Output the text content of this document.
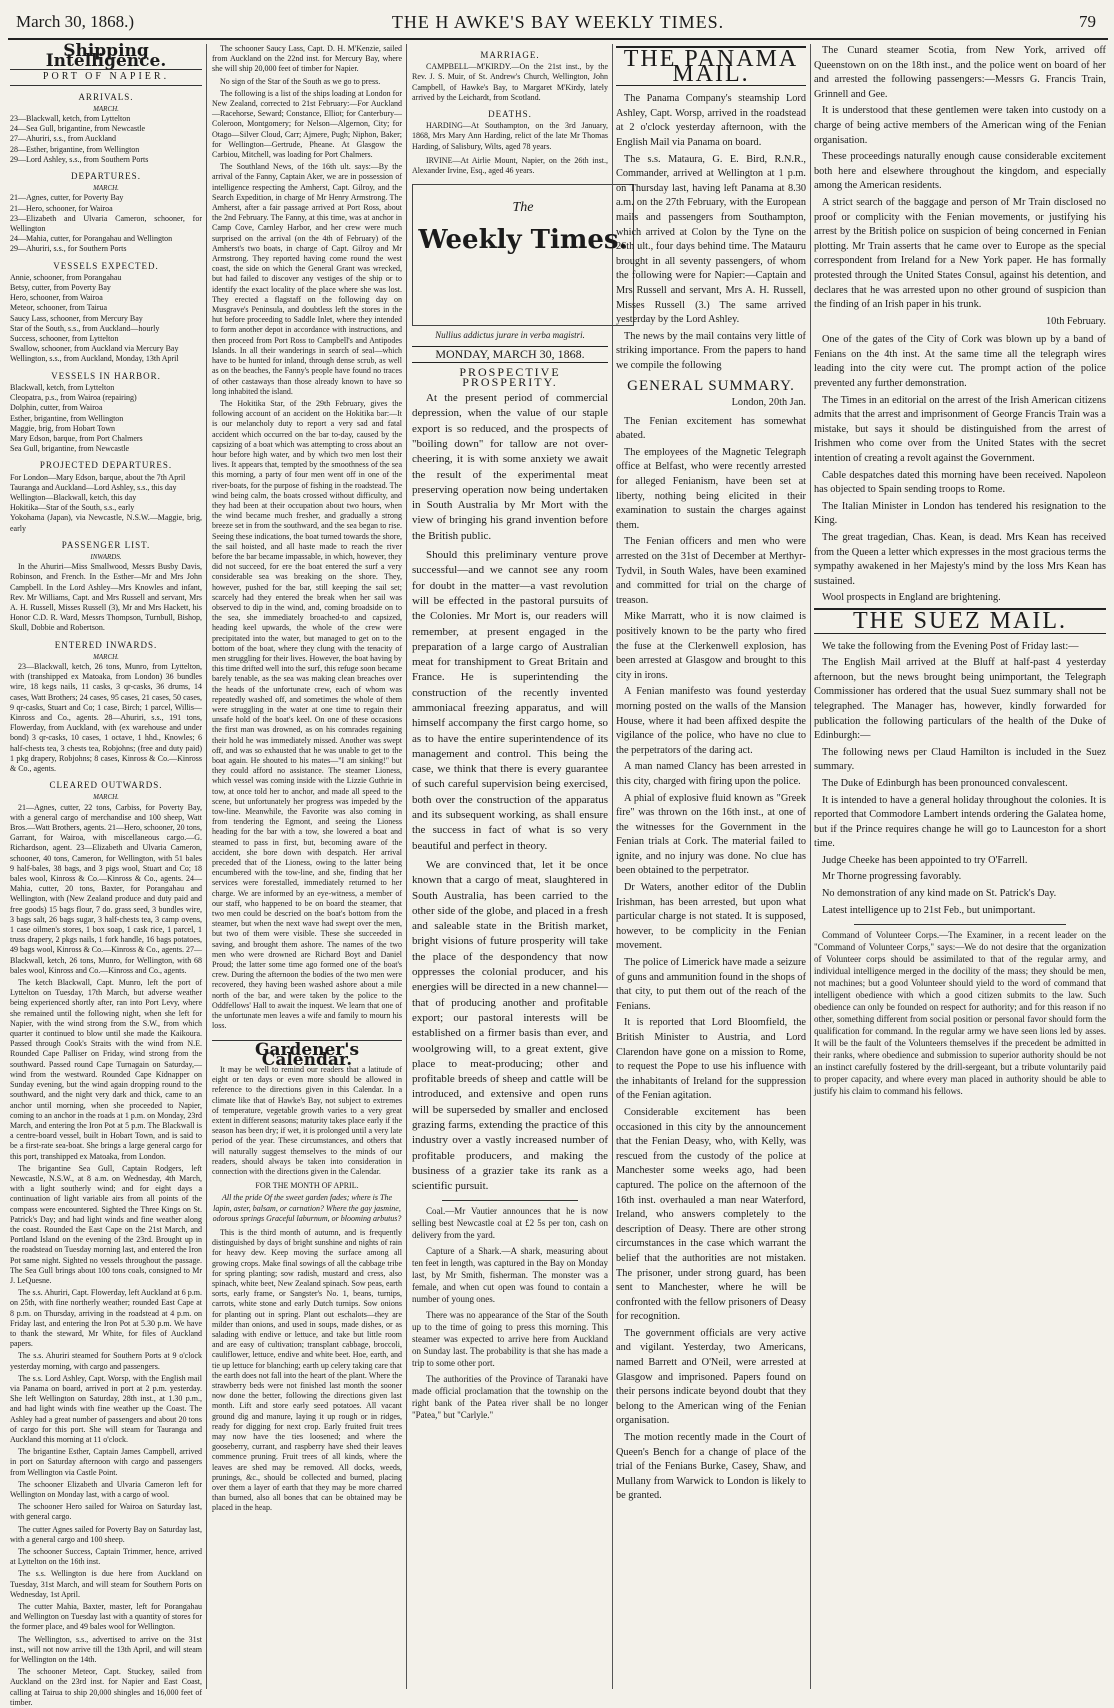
March 30, 1868.)	THE H AWKE'S BAY WEEKLY TIMES.	79
Shipping Intelligence.
PORT OF NAPIER.
ARRIVALS.
MARCH.
23—Blackwall, ketch, from Lyttelton
24—Sea Gull, brigantine, from Newcastle
27—Ahuriri, s.s., from Auckland
28—Esther, brigantine, from Wellington
29—Lord Ashley, s.s., from Southern Ports
DEPARTURES.
MARCH.
21—Agnes, cutter, for Poverty Bay
21—Hero, schooner, for Wairoa
23—Elizabeth and Ulvaria Cameron, schooner, for Wellington
24—Mahia, cutter, for Porangahau and Wellington
29—Ahuriri, s.s., for Southern Ports
VESSELS EXPECTED.
Annie, schooner, from Porangahau
Betsy, cutter, from Poverty Bay
Hero, schooner, from Wairoa
Meteor, schooner, from Tairua
Saucy Lass, schooner, from Mercury Bay
Star of the South, s.s., from Auckland—hourly
Success, schooner, from Lyttelton
Swallow, schooner, from Auckland via Mercury Bay
Wellington, s.s., from Auckland, Monday, 13th April
VESSELS IN HARBOR.
Blackwall, ketch, from Lyttelton
Cleopatra, p.s., from Wairoa (repairing)
Dolphin, cutter, from Wairoa
Esther, brigantine, from Wellington
Maggie, brig, from Hobart Town
Mary Edson, barque, from Port Chalmers
Sea Gull, brigantine, from Newcastle
PROJECTED DEPARTURES.
For London—Mary Edson, barque, about the 7th April
Tauranga and Auckland—Lord Ashley, s.s., this day
Wellington—Blackwall, ketch, this day
Hokitika—Star of the South, s.s., early
Yokohama (Japan), via Newcastle, N.S.W.—Maggie, brig, early
PASSENGER LIST.
INWARDS.

In the Ahuriri—Miss Smallwood, Messrs Busby Davis, Robinson, and French. In the Esther—Mr and Mrs John Campbell. In the Lord Ashley—Mrs Knowles and infant, Rev. Mr Williams, Capt. and Mrs Russell and servant, Mrs A. H. Russell, Misses Russell (3), Mr and Mrs Hackett, his Honor C.D. R. Ward, Messrs Thompson, Turnbull, Bishop, Skull, Dobbie and Robertson.

ENTERED INWARDS.
MARCH.

23—Blackwall, ketch, 26 tons, Munro, from Lyttelton, with (transhipped ex Matoaka, from London) 36 bundles wire, 18 kegs nails, 11 casks, 3 qr-casks, 36 drums, 14 cases, Watt Brothers; 24 cases, 95 cases, 21 cases, 50 cases, 9 qr-casks, Stuart and Co; 1 case, Birch; 1 parcel, Willis—Kinross and Co., agents. 28—Ahuriri, s.s., 191 tons, Flowerday, from Auckland, with (ex warehouse and under bond) 3 qr-casks, 10 cases, 1 octave, 1 hhd., Knowles; 6 half-chests tea, 3 chests tea, Robjohns; (free and duty paid) 1 pkg drapery, Robjohns; 8 cases, Kinross & Co.—Kinross & Co., agents.

CLEARED OUTWARDS.
MARCH.

21—Agnes, cutter, 22 tons, Carbiss, for Poverty Bay, with a general cargo of merchandise and 100 sheep, Watt Bros.—Watt Brothers, agents. 21—Hero, schooner, 20 tons, Garrant, for Wairoa, with miscellaneous cargo.—G. Richardson, agent. 23—Elizabeth and Ulvaria Cameron, schooner, 40 tons, Cameron, for Wellington, with 51 bales 9 half-bales, 38 bags, and 3 pigs wool, Stuart and Co; 18 bales wool, Kinross & Co.—Kinross & Co., agents. 24—Mahia, cutter, 20 tons, Baxter, for Porangahau and Wellington, with (New Zealand produce and duty paid and free goods) 15 bags flour, 7 do. grass seed, 3 bundles wire, 3 bags salt, 26 bags sugar, 3 half-chests tea, 3 camp ovens, 1 case oilmen's stores, 1 box soap, 1 cask rice, 1 parcel, 1 truss drapery, 2 pkgs nails, 1 fork handle, 16 bags potatoes, 49 bags wool, Kinross & Co.—Kinross & Co., agents. 27—Blackwall, ketch, 26 tons, Munro, for Wellington, with 68 bales wool, Kinross and Co.—Kinross and Co., agents.

The ketch Blackwall, Capt. Munro, left the port of Lyttelton on Tuesday, 17th March, but adverse weather being experienced shortly after, ran into Port Levy, where she remained until the following night, when she left for Napier, with the wind strong from the S.W., from which quarter it continued to blow until she made the Kaikoura. Passed through Cook's Straits with the wind from N.E. Rounded Cape Palliser on Friday, wind strong from the southward. Passed round Cape Turnagain on Saturday,—wind from the westward. Rounded Cape Kidnapper on Sunday evening, but the wind again dropping round to the southward, and the night very dark and thick, came to an anchor until morning, when she proceeded to Napier, coming to an anchor in the roads at 1 p.m. on Monday, 23rd March, and entering the Iron Pot at 5 p.m. The Blackwall is a centre-board vessel, built in Hobart Town, and is said to be a first-rate sea-boat. She brings a large general cargo for this port, transhipped ex Matoaka, from London.

The brigantine Sea Gull, Captain Rodgers, left Newcastle, N.S.W., at 8 a.m. on Wednesday, 4th March, with a light southerly wind; and for eight days a continuation of light variable airs from all points of the compass were encountered. Sighted the Three Kings on St. Patrick's Day; and had light winds and fine weather along the coast. Rounded the East Cape on the 21st March, and Portland Island on the evening of the 23rd. Brought up in the roadstead on Tuesday morning last, and entered the Iron Pot same night. Sighted no vessels throughout the passage. The Sea Gull brings about 100 tons coals, consigned to Mr J. LeQuesne.

The s.s. Ahuriri, Capt. Flowerday, left Auckland at 6 p.m. on 25th, with fine northerly weather; rounded East Cape at 8 p.m. on Thursday, arriving in the roadstead at 4 p.m. on Friday last, and entering the Iron Pot at 5.30 p.m. We have to thank the steward, Mr White, for files of Auckland papers.

The s.s. Ahuriri steamed for Southern Ports at 9 o'clock yesterday morning, with cargo and passengers.

The s.s. Lord Ashley, Capt. Worsp, with the English mail via Panama on board, arrived in port at 2 p.m. yesterday. She left Wellington on Saturday, 28th inst., at 1.30 p.m., and had light winds with fine weather up the Coast. The Ashley had a great number of passengers and about 20 tons of cargo for this port. She will steam for Tauranga and Auckland this morning at 11 o'clock.

The brigantine Esther, Captain James Campbell, arrived in port on Saturday afternoon with cargo and passengers from Wellington via Castle Point.

The schooner Elizabeth and Ulvaria Cameron left for Wellington on Monday last, with a cargo of wool.

The schooner Hero sailed for Wairoa on Saturday last, with general cargo.

The cutter Agnes sailed for Poverty Bay on Saturday last, with a general cargo and 100 sheep.

The schooner Success, Captain Trimmer, hence, arrived at Lyttelton on the 16th inst.

The s.s. Wellington is due here from Auckland on Tuesday, 31st March, and will steam for Southern Ports on Wednesday, 1st April.

The cutter Mahia, Baxter, master, left for Porangahau and Wellington on Tuesday last with a quantity of stores for the former place, and 49 bales wool for Wellington.

The Wellington, s.s., advertised to arrive on the 31st inst., will not now arrive till the 13th April, and will steam for Wellington on the 14th.

The schooner Meteor, Capt. Stuckey, sailed from Auckland on the 23rd inst. for Napier and East Coast, calling at Tairua to ship 20,000 shingles and 16,000 feet of timber.

The schooner Saucy Lass, Capt. D. H. M'Kenzie, sailed from Auckland on the 22nd inst. for Mercury Bay, where she will ship 20,000 feet of timber for Napier.

No sign of the Star of the South as we go to press.

The following is a list of the ships loading at London for New Zealand, corrected to 21st February:—For Auckland—Racehorse, Seward; Constance, Elliot; for Canterbury—Coleroon, Montgomery; for Nelson—Algernon, City; for Otago—Silver Cloud, Carr; Ajmere, Pugh; Niphon, Baker; for Wellington—Gertrude, Pheane. At Glasgow the Carbiou, Mitchell, was loading for Port Chalmers.

The Southland News, of the 16th ult. says:—By the arrival of the Fanny, Captain Aker, we are in possession of intelligence respecting the Amherst, Capt. Gilroy, and the Search Expedition, in charge of Mr Henry Armstrong. The Amherst, after a fair passage arrived at Port Ross, about the 2nd February. The Fanny, at this time, was at anchor in Camp Cove, Carnley Harbor, and her crew were much surprised on the arrival (on the 4th of February) of the Amherst's two boats, in charge of Capt. Gilroy and Mr Armstrong. They reported having come round the west coast, the side on which the General Grant was wrecked, but had failed to discover any vestiges of the ship or to identify the exact locality of the place where she was lost. They erected a flagstaff on the following day on Musgrave's Peninsula, and doubtless left the stores in the hut before proceeding to Saddle Inlet, where they intended to form another depot in accordance with instructions, and then proceed from Port Ross to Campbell's and Antipodes Islands. In all their wanderings in search of seal—which have to be hunted for inland, through dense scrub, as well as on the beaches, the Fanny's people have found no traces of other castaways than those already known to have so long inhabited the island.

The Hokitika Star, of the 29th February, gives the following account of an accident on the Hokitika bar:—It is our melancholy duty to report a very sad and fatal accident which occurred on the bar to-day, caused by the capsizing of a boat which was attempting to cross about an hour before high water, and by which two men lost their lives. It appears that, tempted by the smoothness of the sea this morning, a party of four men went off in one of the river-boats, for the purpose of fishing in the roadstead. The wind being calm, the boats crossed without difficulty, and they had been at their occupation about two hours, when the wind became much fresher, and gradually a strong breeze set in from the southward, and the sea began to rise. Seeing these indications, the boat turned towards the shore, the sail hoisted, and all haste made to reach the river before the bar became impassable, in which, however, they did not succeed, for ere the boat entered the surf a very considerable sea was breaking on the shore. They, however, pushed for the bar, still keeping the sail set; scarcely had they entered the break when her sail was observed to dip in the wind, and, coming broadside on to the sea, she immediately broached-to and capsized, heading keel upwards, the whole of the crew were precipitated into the water, but managed to get on to the bottom of the boat, where they clung with the tenacity of men struggling for their lives. However, the boat having by this time drifted well into the surf, this refuge soon became barely tenable, as the sea was making clean breaches over the heads of the unfortunate crew, each of whom was repeatedly washed off, and sometimes the whole of them were struggling in the water at one time to regain their unsafe hold of the boat's keel. On one of these occasions the first man was drowned, as on his comrades regaining their hold he was immediately missed. Another was swept off, and was so exhausted that he was unable to get to the boat again. He shouted to his mates—"I am sinking!" but they could afford no assistance. The steamer Lioness, which vessel was coming inside with the Lizzie Guthrie in tow, at once told her to anchor, and made all speed to the scene, but unfortunately her progress was impeded by the tow-line. Meanwhile, the Favorite was also coming in from tendering the Egmont, and seeing the Lioness heading for the bar with a tow, she lowered a boat and steamed to pass in first, but, becoming aware of the accident, she bore down with despatch. Her arrival preceded that of the Lioness, owing to the latter being encumbered with the tow-line, and she, finding that her services were forestalled, immediately returned to her charge. We are informed by an eye-witness, a member of our staff, who happened to be on board the steamer, that two men could be descried on the boat's bottom from the steamer, but when the next wave had swept over the men, but two of them were visible. These she succeeded in saving, and brought them ashore. The names of the two men who were drowned are Richard Boyt and Daniel Proud; the latter some time ago formed one of the boat's crew. During the afternoon the bodies of the two men were recovered, they having been washed ashore about a mile north of the bar, and were taken by the police to the Oddfellows' Hall to await the inquest. We learn that one of the unfortunate men leaves a wife and family to mourn his loss.

Gardener's Calendar.

It may be well to remind our readers that a latitude of eight or ten days or even more should be allowed in reference to the directions given in this Calendar. In a climate like that of Hawke's Bay, not subject to extremes of temperature, vegetable growth varies to a very great extent in different seasons; maturity takes place early if the season has been dry; if wet, it is prolonged until a very late period of the year. These circumstances, and others that will naturally suggest themselves to the minds of our readers, should always be taken into consideration in connection with the directions given in the Calendar.

FOR THE MONTH OF APRIL.
All the pride Of the sweet garden fades; where is The lapin, aster, balsam, or carnation? Where the gay jasmine, odorous springs Graceful laburnum, or blooming arbutus?

This is the third month of autumn, and is frequently distinguished by days of bright sunshine and nights of rain for heavy dew. Keep moving the surface among all growing crops. Make final sowings of all the cabbage tribe for spring planting; sow radish, mustard and cress, also spinach, white beet, New Zealand spinach. Sow peas, earth sorts, early frame, or Sangster's No. 1, beans, turnips, carrots, white stone and early Dutch turnips. Sow onions for planting out in spring. Plant out eschalots—they are milder than onions, and used in soups, made dishes, or as salading with endive or lettuce, and take but little room and are easy of cultivation; transplant cabbage, broccoli, cauliflower, lettuce, endive and white beet. Hoe, earth, and tie up lettuce for blanching; earth up celery taking care that the earth does not fall into the heart of the plant. Where the strawberry beds were not finished last month the sooner now done the better, following the directions given last month. Lift and store early seed potatoes. All vacant ground dig and manure, laying it up rough or in ridges, ready for digging for next crop. Early fruited fruit trees may now have the ties loosened; and where the gooseberry, currant, and raspberry have shed their leaves commence pruning. Fruit trees of all kinds, where the leaves are shed may be removed. All docks, weeds, prunings, &c., should be collected and burned, placing over them a layer of earth that they may be more charred than burned, also all bones that can be obtained may be placed in the heap.

MARRIAGE.

CAMPBELL—M'KIRDY.—On the 21st inst., by the Rev. J. S. Muir, of St. Andrew's Church, Wellington, John Campbell, of Hawke's Bay, to Margaret M'Kirdy, lately arrived by the Leichardt, from Scotland.

DEATHS.

HARDING—At Southampton, on the 3rd January, 1868, Mrs Mary Ann Harding, relict of the late Mr Thomas Harding, of Salisbury, Wilts, aged 78 years.

IRVINE—At Airlie Mount, Napier, on the 26th inst., Alexander Irvine, Esq., aged 46 years.

The
Weekly Times.
Nullius addictus jurare in verba magistri.
MONDAY, MARCH 30, 1868.
PROSPECTIVE PROSPERITY.

At the present period of commercial depression, when the value of our staple export is so reduced, and the prospects of "boiling down" for tallow are not over-cheering, it is with some anxiety we await the result of the experimental meat preserving operation now being undertaken in South Australia by Mr Mort with the view of bringing his grand invention before the British public.

Should this preliminary venture prove successful—and we cannot see any room for doubt in the matter—a vast revolution will be effected in the pastoral pursuits of the Colonies. Mr Mort is, our readers will remember, at present engaged in the preparation of a large cargo of Australian meat for transhipment to Great Britain and France. He is superintending the construction of the recently invented ammoniacal freezing apparatus, and will himself accompany the first cargo home, so as to have the entire superintendence of its management and control. This being the case, we think that there is every guarantee of such careful supervision being exercised, both over the construction of the apparatus and its subsequent working, as shall ensure the success in fact of what is so very beautiful and perfect in theory.

We are convinced that, let it be once known that a cargo of meat, slaughtered in South Australia, has been carried to the other side of the globe, and placed in a fresh and saleable state in the British market, bright visions of future prosperity will take the place of the despondency that now oppresses the colonial producer, and his energies will be directed in a new channel—that of producing another and profitable export; our pastoral interests will be established on a firmer basis than ever, and woolgrowing will, to a great extent, give place to meat-producing; other and profitable breeds of sheep and cattle will be introduced, and extensive and open runs will be superseded by smaller and enclosed grazing farms, extending the practice of this industry over a vastly increased number of profitable producers, and making the business of a grazier take its rank as a scientific pursuit.

Coal.—Mr Vautier announces that he is now selling best Newcastle coal at £2 5s per ton, cash on delivery from the yard.

Capture of a Shark.—A shark, measuring about ten feet in length, was captured in the Bay on Monday last, by Mr Smith, fisherman. The monster was a female, and when cut open was found to contain a number of young ones.

There was no appearance of the Star of the South up to the time of going to press this morning. This steamer was expected to arrive here from Auckland on Sunday last. The probability is that she has made a trip to some other port.

The authorities of the Province of Taranaki have made official proclamation that the township on the right bank of the Patea river shall be no longer "Patea," but "Carlyle."

THE PANAMA MAIL.

The Panama Company's steamship Lord Ashley, Capt. Worsp, arrived in the roadstead at 2 o'clock yesterday afternoon, with the English Mail via Panama on board.

The s.s. Mataura, G. E. Bird, R.N.R., Commander, arrived at Wellington at 1 p.m. on Thursday last, having left Panama at 8.30 a.m. on the 27th February, with the European mails and passengers from Southampton, which arrived at Colon by the Tyne on the 26th ult., four days behind time. The Matauru brought in all seventy passengers, of whom the following were for Napier:—Captain and Mrs Russell and servant, Mrs A. H. Russell, Misses Russell (3.) The same arrived yesterday by the Lord Ashley.

The news by the mail contains very little of striking importance. From the papers to hand we compile the following

GENERAL SUMMARY.
London, 20th Jan.

The Fenian excitement has somewhat abated.

The employees of the Magnetic Telegraph office at Belfast, who were recently arrested for alleged Fenianism, have been set at liberty, nothing being elicited in their examination to sustain the charges against them.

The Fenian officers and men who were arrested on the 31st of December at Merthyr-Tydvil, in South Wales, have been examined and committed for trial on the charge of treason.

Mike Marratt, who it is now claimed is positively known to be the party who fired the fuse at the Clerkenwell explosion, has been arrested at Glasgow and brought to this city in irons.

A Fenian manifesto was found yesterday morning posted on the walls of the Mansion House, where it had been affixed despite the vigilance of the police, who have no clue to the perpetrators of the daring act.

A man named Clancy has been arrested in this city, charged with firing upon the police.

A phial of explosive fluid known as "Greek fire" was thrown on the 16th inst., at one of the witnesses for the Government in the Fenian trials at Cork. The material failed to ignite, and no injury was done. No clue has been obtained to the perpetrator.

Dr Waters, another editor of the Dublin Irishman, has been arrested, but upon what particular charge is not stated. It is supposed, however, to be complicity in the Fenian movement.

The police of Limerick have made a seizure of guns and ammunition found in the shops of that city, to put them out of the reach of the Fenians.

It is reported that Lord Bloomfield, the British Minister to Austria, and Lord Clarendon have gone on a mission to Rome, to request the Pope to use his influence with the inhabitants of Ireland for the suppression of the Fenian agitation.

Considerable excitement has been occasioned in this city by the announcement that the Fenian Deasy, who, with Kelly, was rescued from the custody of the police at Manchester some weeks ago, had been captured. The police on the afternoon of the 16th inst. overhauled a man near Waterford, Ireland, who answers completely to the description of Deasy. There are other strong circumstances in the case which warrant the belief that the authorities are not mistaken. The prisoner, under strong guard, has been sent to Manchester, where he will be confronted with the fellow prisoners of Deasy for recognition.

The government officials are very active and vigilant. Yesterday, two Americans, named Barrett and O'Neil, were arrested at Glasgow and imprisoned. Papers found on their persons indicate beyond doubt that they belong to the American wing of the Fenian organisation.

The motion recently made in the Court of Queen's Bench for a change of place of the trial of the Fenians Burke, Casey, Shaw, and Mullany from Warwick to London is likely to be granted.

The Cunard steamer Scotia, from New York, arrived off Queenstown on on the 18th inst., and the police went on board of her and arrested the following passengers:—Messrs G. Francis Train, Grinnell and Gee.

It is understood that these gentlemen were taken into custody on a charge of being active members of the American wing of the Fenian organisation.

These proceedings naturally enough cause considerable excitement both here and elsewhere throughout the kingdom, and especially among the American residents.

A strict search of the baggage and person of Mr Train disclosed no proof or complicity with the Fenian movements, or justifying his arrest by the British police on suspicion of being concerned in Fenian plotting. Mr Train asserts that he came over to Europe as the special correspondent from Ireland for a New York paper. He has formally protested through the United States Consul, against his detention, and declares that he was arrested upon no other ground of suspicion than the finding of an Irish paper in his trunk.

10th February.

One of the gates of the City of Cork was blown up by a band of Fenians on the 4th inst. At the same time all the telegraph wires leading into the city were cut. The prompt action of the police prevented any further demonstration.

The Times in an editorial on the arrest of the Irish American citizens admits that the arrest and imprisonment of George Francis Train was a mistake, but says it should be distinguished from the arrest of Irishmen who come over from the United States with the secret intention of creating a revolt against the Government.

Cable despatches dated this morning have been received. Napoleon has objected to Spain sending troops to Rome.

The Italian Minister in London has tendered his resignation to the King.

The great tragedian, Chas. Kean, is dead. Mrs Kean has received from the Queen a letter which expresses in the most gracious terms the sympathy awakened in her Majesty's mind by the loss Mrs Kean has sustained.

Wool prospects in England are brightening.

THE SUEZ MAIL.

We take the following from the Evening Post of Friday last:—

The English Mail arrived at the Bluff at half-past 4 yesterday afternoon, but the news brought being unimportant, the Telegraph Commissioner has ordered that the usual Suez summary shall not be telegraphed. The Manager has, however, kindly forwarded for publication the following particulars of the health of the Duke of Edinburgh:—

The following news per Claud Hamilton is included in the Suez summary.

The Duke of Edinburgh has been pronounced convalescent.

It is intended to have a general holiday throughout the colonies. It is reported that Commodore Lambert intends ordering the Galatea home, but if the Prince requires change he will go to Launceston for a short time.

Judge Cheeke has been appointed to try O'Farrell.

Mr Thorne progressing favorably.

No demonstration of any kind made on St. Patrick's Day.

Latest intelligence up to 21st Feb., but unimportant.

Command of Volunteer Corps.—The Examiner, in a recent leader on the "Command of Volunteer Corps," says:—We do not desire that the organization of Volunteer corps should be assimilated to that of the regular army, and individual intelligence merged in the docility of the mass; they should be men, not machines; but a good Volunteer should yield to the word of command that intelligent obedience with which a good citizen submits to the law. Such obedience can only be founded on respect for authority; and for this reason if no other, something different from social position or personal favor should form the qualification for command. In the regular army we have seen lions led by asses. It will be the fault of the Volunteers themselves if the precedent be admitted in their ranks, where obedience and submission to superior authority should be not an instinct carefully fostered by the drill-sergeant, but a tribute voluntarily paid to proper capacity, and where every man placed in authority should be able to justify his claim to command his fellows.
